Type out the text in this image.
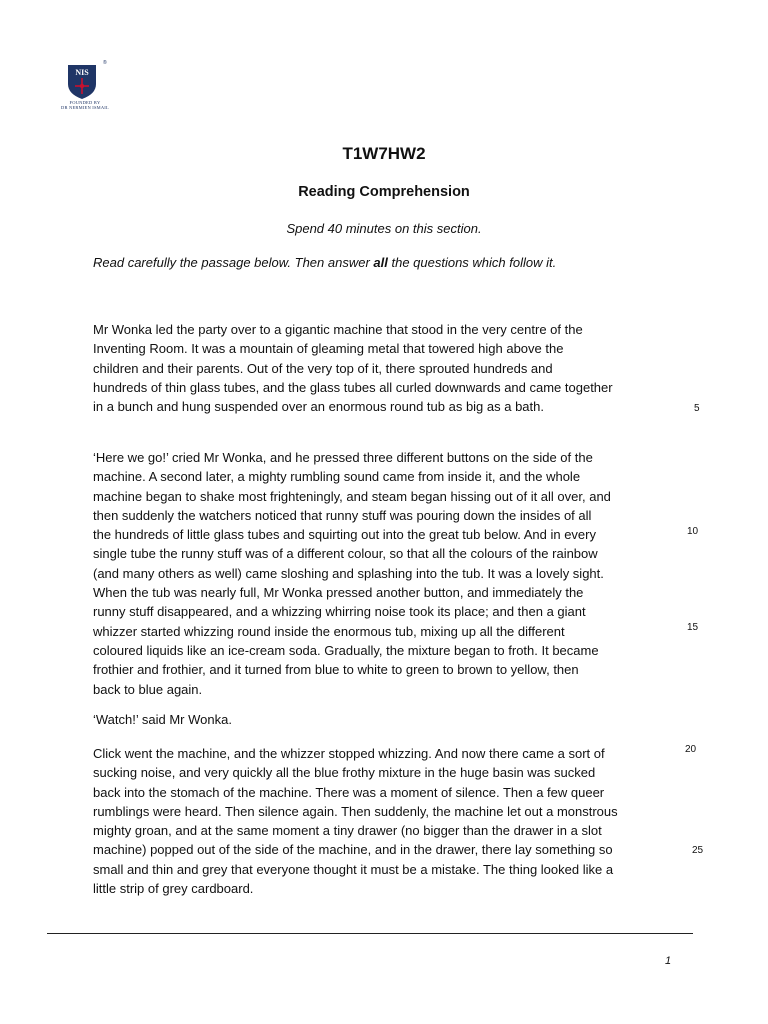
NIS
®
FOUNDED BY
DR NERMIEN ISMAIL
T1W7HW2
Reading Comprehension
Spend 40 minutes on this section.
Read carefully the passage below. Then answer all the questions which follow it.
Mr Wonka led the party over to a gigantic machine that stood in the very centre of the
Inventing Room. It was a mountain of gleaming metal that towered high above the
children and their parents. Out of the very top of it, there sprouted hundreds and
hundreds of thin glass tubes, and the glass tubes all curled downwards and came together
in a bunch and hung suspended over an enormous round tub as big as a bath.
‘Here we go!’ cried Mr Wonka, and he pressed three different buttons on the side of the
machine. A second later, a mighty rumbling sound came from inside it, and the whole
machine began to shake most frighteningly, and steam began hissing out of it all over, and
then suddenly the watchers noticed that runny stuff was pouring down the insides of all
the hundreds of little glass tubes and squirting out into the great tub below. And in every
single tube the runny stuff was of a different colour, so that all the colours of the rainbow
(and many others as well) came sloshing and splashing into the tub. It was a lovely sight.
When the tub was nearly full, Mr Wonka pressed another button, and immediately the
runny stuff disappeared, and a whizzing whirring noise took its place; and then a giant
whizzer started whizzing round inside the enormous tub, mixing up all the different
coloured liquids like an ice-cream soda. Gradually, the mixture began to froth. It became
frothier and frothier, and it turned from blue to white to green to brown to yellow, then
back to blue again.
‘Watch!’ said Mr Wonka.
Click went the machine, and the whizzer stopped whizzing. And now there came a sort of
sucking noise, and very quickly all the blue frothy mixture in the huge basin was sucked
back into the stomach of the machine. There was a moment of silence. Then a few queer
rumblings were heard. Then silence again. Then suddenly, the machine let out a monstrous
mighty groan, and at the same moment a tiny drawer (no bigger than the drawer in a slot
machine) popped out of the side of the machine, and in the drawer, there lay something so
small and thin and grey that everyone thought it must be a mistake. The thing looked like a
little strip of grey cardboard.
5
10
15
20
25
1
